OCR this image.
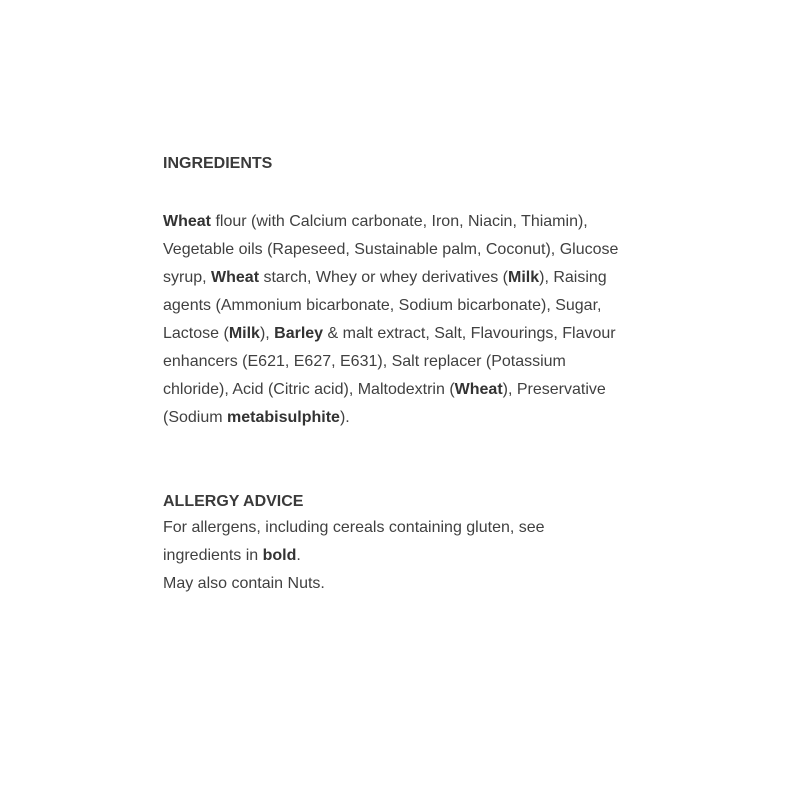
INGREDIENTS

Wheat flour (with Calcium carbonate, Iron, Niacin, Thiamin), Vegetable oils (Rapeseed, Sustainable palm, Coconut), Glucose syrup, Wheat starch, Whey or whey derivatives (Milk), Raising agents (Ammonium bicarbonate, Sodium bicarbonate), Sugar, Lactose (Milk), Barley & malt extract, Salt, Flavourings, Flavour enhancers (E621, E627, E631), Salt replacer (Potassium chloride), Acid (Citric acid), Maltodextrin (Wheat), Preservative (Sodium metabisulphite).

ALLERGY ADVICE

For allergens, including cereals containing gluten, see

ingredients in bold.

May also contain Nuts.
